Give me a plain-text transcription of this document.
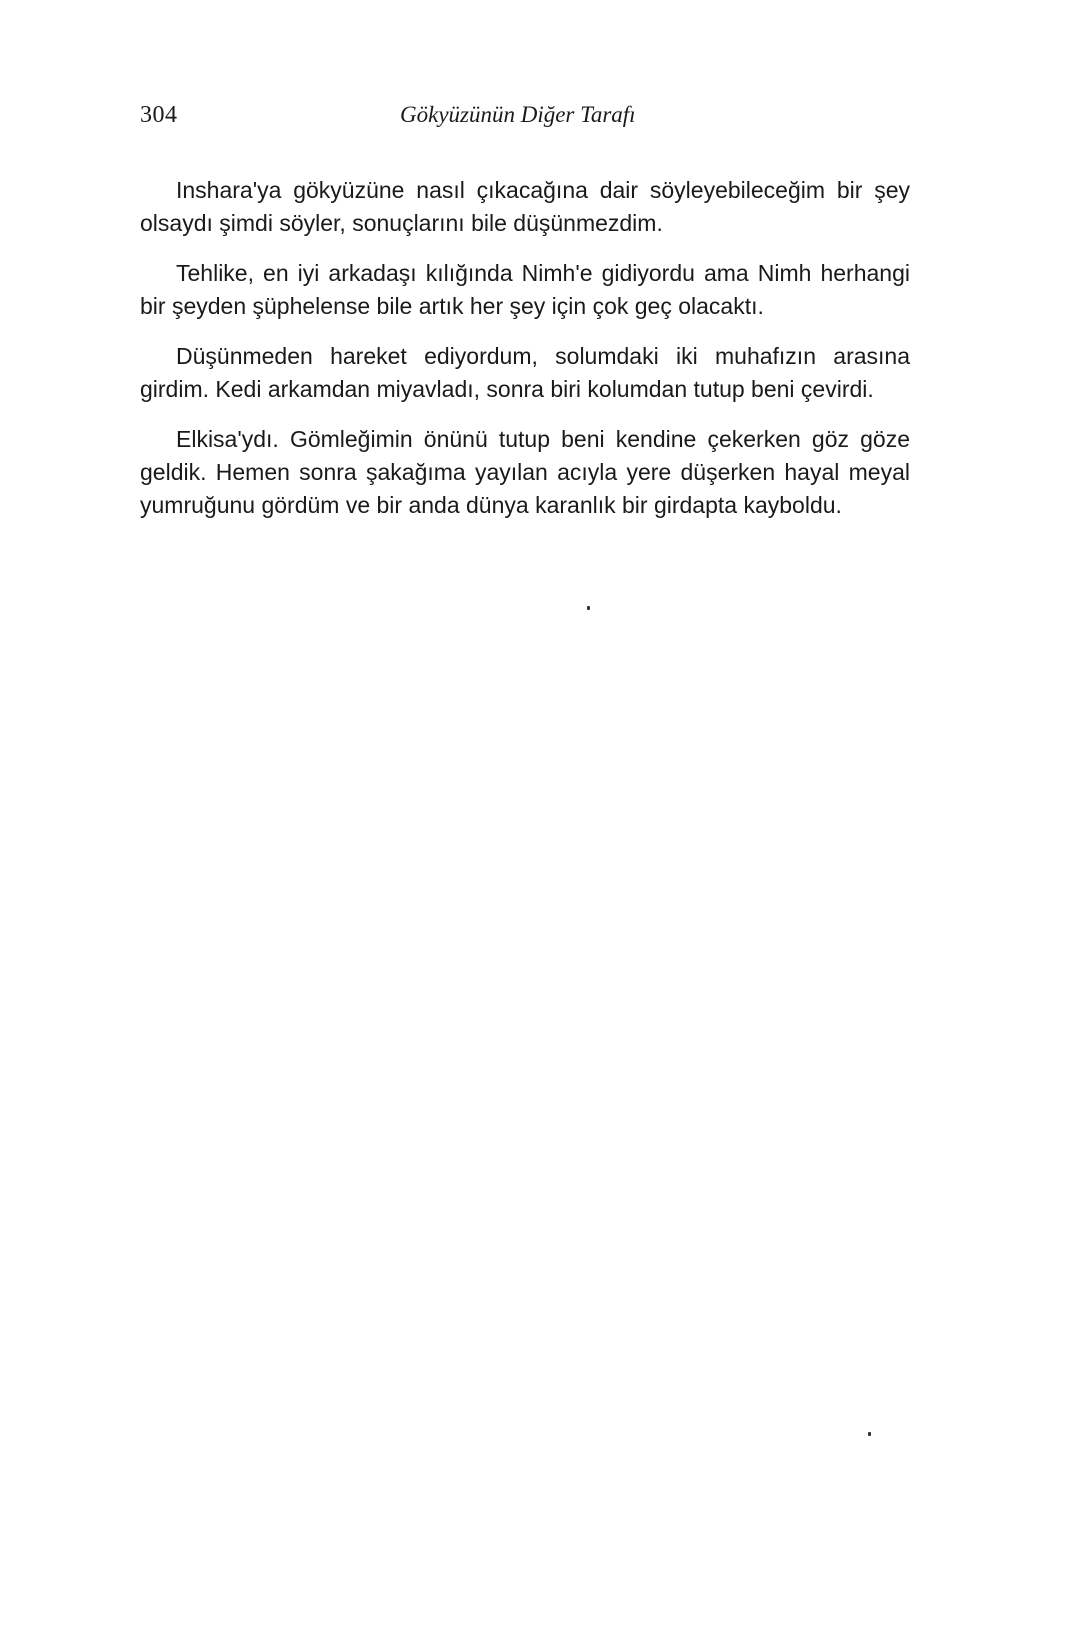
304	Gökyüzünün Diğer Tarafı

Inshara'ya gökyüzüne nasıl çıkacağına dair söyleyebileceğim bir şey olsaydı şimdi söyler, sonuçlarını bile düşünmezdim.

Tehlike, en iyi arkadaşı kılığında Nimh'e gidiyordu ama Nimh herhangi bir şeyden şüphelense bile artık her şey için çok geç olacaktı.

Düşünmeden hareket ediyordum, solumdaki iki muhafızın arasına girdim. Kedi arkamdan miyavladı, sonra biri kolumdan tutup beni çevirdi.

Elkisa'ydı. Gömleğimin önünü tutup beni kendine çekerken göz göze geldik. Hemen sonra şakağıma yayılan acıyla yere düşerken hayal meyal yumruğunu gördüm ve bir anda dünya karanlık bir girdapta kayboldu.
